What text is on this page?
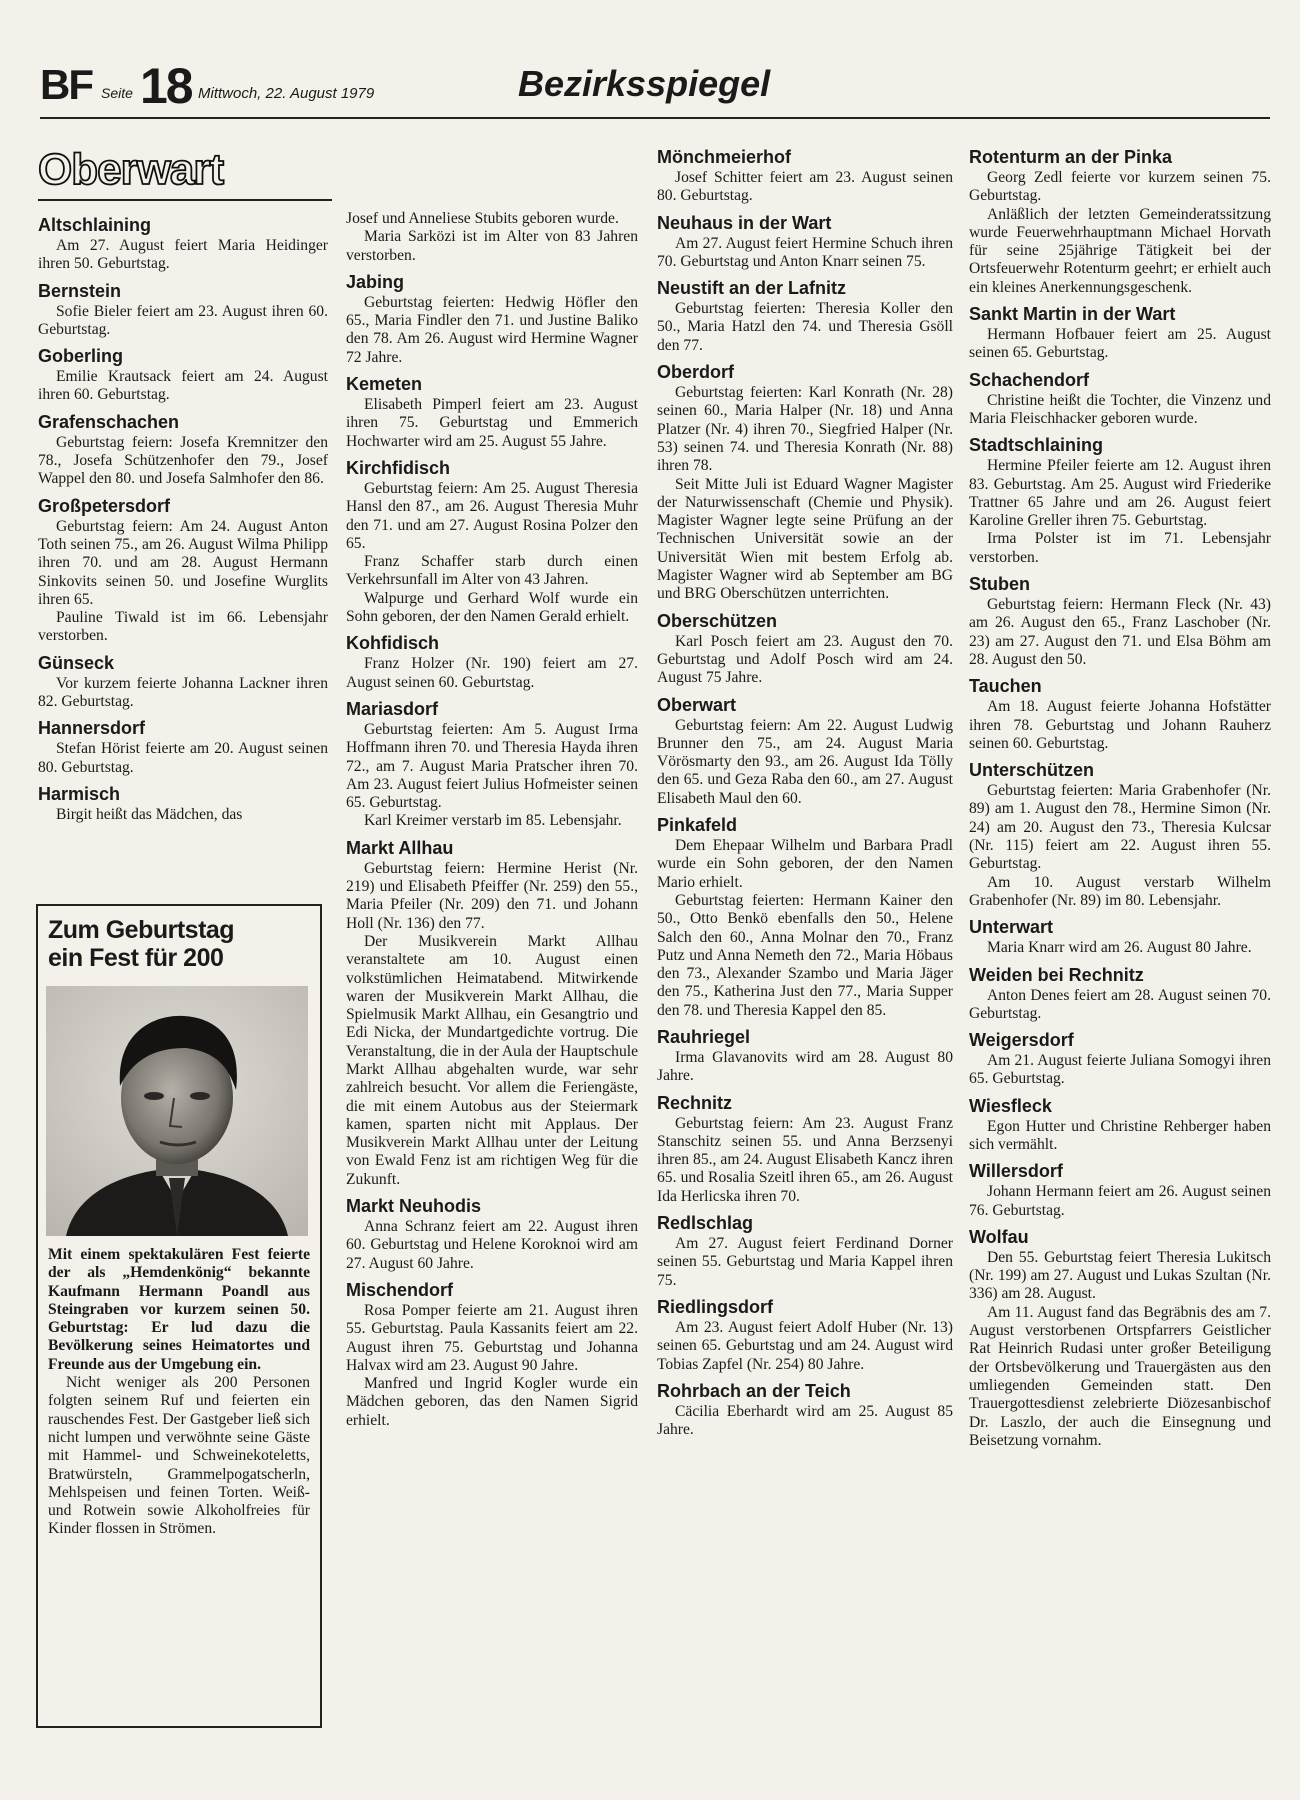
BF Seite 18 Mittwoch, 22. August 1979	Bezirksspiegel
Oberwart
Altschlaining

Am 27. August feiert Maria Heidinger ihren 50. Geburtstag.

Bernstein

Sofie Bieler feiert am 23. August ihren 60. Geburtstag.

Goberling

Emilie Krautsack feiert am 24. August ihren 60. Geburtstag.

Grafenschachen

Geburtstag feiern: Josefa Kremnitzer den 78., Josefa Schützenhofer den 79., Josef Wappel den 80. und Josefa Salmhofer den 86.

Großpetersdorf

Geburtstag feiern: Am 24. August Anton Toth seinen 75., am 26. August Wilma Philipp ihren 70. und am 28. August Hermann Sinkovits seinen 50. und Josefine Wurglits ihren 65.

Pauline Tiwald ist im 66. Lebensjahr verstorben.

Günseck

Vor kurzem feierte Johanna Lackner ihren 82. Geburtstag.

Hannersdorf

Stefan Hörist feierte am 20. August seinen 80. Geburtstag.

Harmisch

Birgit heißt das Mädchen, das

Zum Geburtstag
ein Fest für 200

Mit einem spektakulären Fest feierte der als „Hemdenkönig“ bekannte Kaufmann Hermann Poandl aus Steingraben vor kurzem seinen 50. Geburtstag: Er lud dazu die Bevölkerung seines Heimatortes und Freunde aus der Umgebung ein.

Nicht weniger als 200 Personen folgten seinem Ruf und feierten ein rauschendes Fest. Der Gastgeber ließ sich nicht lumpen und verwöhnte seine Gäste mit Hammel- und Schweinekoteletts, Bratwürsteln, Grammelpogatscherln, Mehlspeisen und feinen Torten. Weiß- und Rotwein sowie Alkoholfreies für Kinder flossen in Strömen.

Josef und Anneliese Stubits geboren wurde.

Maria Sarközi ist im Alter von 83 Jahren verstorben.

Jabing

Geburtstag feierten: Hedwig Höfler den 65., Maria Findler den 71. und Justine Baliko den 78. Am 26. August wird Hermine Wagner 72 Jahre.

Kemeten

Elisabeth Pimperl feiert am 23. August ihren 75. Geburtstag und Emmerich Hochwarter wird am 25. August 55 Jahre.

Kirchfidisch

Geburtstag feiern: Am 25. August Theresia Hansl den 87., am 26. August Theresia Muhr den 71. und am 27. August Rosina Polzer den 65.

Franz Schaffer starb durch einen Verkehrsunfall im Alter von 43 Jahren.

Walpurge und Gerhard Wolf wurde ein Sohn geboren, der den Namen Gerald erhielt.

Kohfidisch

Franz Holzer (Nr. 190) feiert am 27. August seinen 60. Geburtstag.

Mariasdorf

Geburtstag feierten: Am 5. August Irma Hoffmann ihren 70. und Theresia Hayda ihren 72., am 7. August Maria Pratscher ihren 70. Am 23. August feiert Julius Hofmeister seinen 65. Geburtstag.

Karl Kreimer verstarb im 85. Lebensjahr.

Markt Allhau

Geburtstag feiern: Hermine Herist (Nr. 219) und Elisabeth Pfeiffer (Nr. 259) den 55., Maria Pfeiler (Nr. 209) den 71. und Johann Holl (Nr. 136) den 77.

Der Musikverein Markt Allhau veranstaltete am 10. August einen volkstümlichen Heimatabend. Mitwirkende waren der Musikverein Markt Allhau, die Spielmusik Markt Allhau, ein Gesangtrio und Edi Nicka, der Mundartgedichte vortrug. Die Veranstaltung, die in der Aula der Hauptschule Markt Allhau abgehalten wurde, war sehr zahlreich besucht. Vor allem die Feriengäste, die mit einem Autobus aus der Steiermark kamen, sparten nicht mit Applaus. Der Musikverein Markt Allhau unter der Leitung von Ewald Fenz ist am richtigen Weg für die Zukunft.

Markt Neuhodis

Anna Schranz feiert am 22. August ihren 60. Geburtstag und Helene Koroknoi wird am 27. August 60 Jahre.

Mischendorf

Rosa Pomper feierte am 21. August ihren 55. Geburtstag. Paula Kassanits feiert am 22. August ihren 75. Geburtstag und Johanna Halvax wird am 23. August 90 Jahre.

Manfred und Ingrid Kogler wurde ein Mädchen geboren, das den Namen Sigrid erhielt.

Mönchmeierhof

Josef Schitter feiert am 23. August seinen 80. Geburtstag.

Neuhaus in der Wart

Am 27. August feiert Hermine Schuch ihren 70. Geburtstag und Anton Knarr seinen 75.

Neustift an der Lafnitz

Geburtstag feierten: Theresia Koller den 50., Maria Hatzl den 74. und Theresia Gsöll den 77.

Oberdorf

Geburtstag feierten: Karl Konrath (Nr. 28) seinen 60., Maria Halper (Nr. 18) und Anna Platzer (Nr. 4) ihren 70., Siegfried Halper (Nr. 53) seinen 74. und Theresia Konrath (Nr. 88) ihren 78.

Seit Mitte Juli ist Eduard Wagner Magister der Naturwissenschaft (Chemie und Physik). Magister Wagner legte seine Prüfung an der Technischen Universität sowie an der Universität Wien mit bestem Erfolg ab. Magister Wagner wird ab September am BG und BRG Oberschützen unterrichten.

Oberschützen

Karl Posch feiert am 23. August den 70. Geburtstag und Adolf Posch wird am 24. August 75 Jahre.

Oberwart

Geburtstag feiern: Am 22. August Ludwig Brunner den 75., am 24. August Maria Vörösmarty den 93., am 26. August Ida Tölly den 65. und Geza Raba den 60., am 27. August Elisabeth Maul den 60.

Pinkafeld

Dem Ehepaar Wilhelm und Barbara Pradl wurde ein Sohn geboren, der den Namen Mario erhielt.

Geburtstag feierten: Hermann Kainer den 50., Otto Benkö ebenfalls den 50., Helene Salch den 60., Anna Molnar den 70., Franz Putz und Anna Nemeth den 72., Maria Höbaus den 73., Alexander Szambo und Maria Jäger den 75., Katherina Just den 77., Maria Supper den 78. und Theresia Kappel den 85.

Rauhriegel

Irma Glavanovits wird am 28. August 80 Jahre.

Rechnitz

Geburtstag feiern: Am 23. August Franz Stanschitz seinen 55. und Anna Berzsenyi ihren 85., am 24. August Elisabeth Kancz ihren 65. und Rosalia Szeitl ihren 65., am 26. August Ida Herlicska ihren 70.

Redlschlag

Am 27. August feiert Ferdinand Dorner seinen 55. Geburtstag und Maria Kappel ihren 75.

Riedlingsdorf

Am 23. August feiert Adolf Huber (Nr. 13) seinen 65. Geburtstag und am 24. August wird Tobias Zapfel (Nr. 254) 80 Jahre.

Rohrbach an der Teich

Cäcilia Eberhardt wird am 25. August 85 Jahre.

Rotenturm an der Pinka

Georg Zedl feierte vor kurzem seinen 75. Geburtstag.

Anläßlich der letzten Gemeinderatssitzung wurde Feuerwehrhauptmann Michael Horvath für seine 25jährige Tätigkeit bei der Ortsfeuerwehr Rotenturm geehrt; er erhielt auch ein kleines Anerkennungsgeschenk.

Sankt Martin in der Wart

Hermann Hofbauer feiert am 25. August seinen 65. Geburtstag.

Schachendorf

Christine heißt die Tochter, die Vinzenz und Maria Fleischhacker geboren wurde.

Stadtschlaining

Hermine Pfeiler feierte am 12. August ihren 83. Geburtstag. Am 25. August wird Friederike Trattner 65 Jahre und am 26. August feiert Karoline Greller ihren 75. Geburtstag.

Irma Polster ist im 71. Lebensjahr verstorben.

Stuben

Geburtstag feiern: Hermann Fleck (Nr. 43) am 26. August den 65., Franz Laschober (Nr. 23) am 27. August den 71. und Elsa Böhm am 28. August den 50.

Tauchen

Am 18. August feierte Johanna Hofstätter ihren 78. Geburtstag und Johann Rauherz seinen 60. Geburtstag.

Unterschützen

Geburtstag feierten: Maria Grabenhofer (Nr. 89) am 1. August den 78., Hermine Simon (Nr. 24) am 20. August den 73., Theresia Kulcsar (Nr. 115) feiert am 22. August ihren 55. Geburtstag.

Am 10. August verstarb Wilhelm Grabenhofer (Nr. 89) im 80. Lebensjahr.

Unterwart

Maria Knarr wird am 26. August 80 Jahre.

Weiden bei Rechnitz

Anton Denes feiert am 28. August seinen 70. Geburtstag.

Weigersdorf

Am 21. August feierte Juliana Somogyi ihren 65. Geburtstag.

Wiesfleck

Egon Hutter und Christine Rehberger haben sich vermählt.

Willersdorf

Johann Hermann feiert am 26. August seinen 76. Geburtstag.

Wolfau

Den 55. Geburtstag feiert Theresia Lukitsch (Nr. 199) am 27. August und Lukas Szultan (Nr. 336) am 28. August.

Am 11. August fand das Begräbnis des am 7. August verstorbenen Ortspfarrers Geistlicher Rat Heinrich Rudasi unter großer Beteiligung der Ortsbevölkerung und Trauergästen aus den umliegenden Gemeinden statt. Den Trauergottesdienst zelebrierte Diözesanbischof Dr. Laszlo, der auch die Einsegnung und Beisetzung vornahm.
